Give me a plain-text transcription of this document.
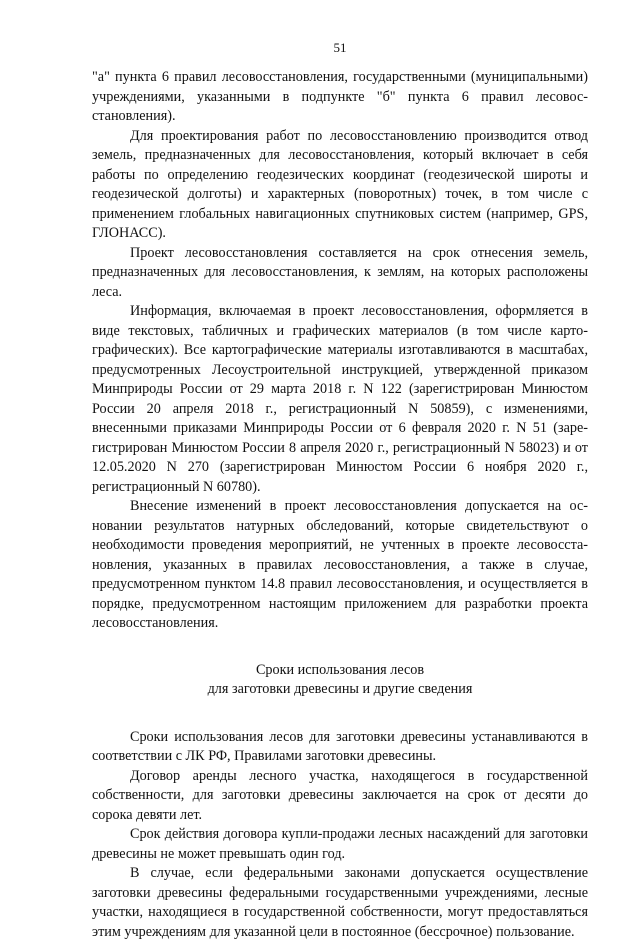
51

"а" пункта 6 правил лесовосстановления, государственными (муниципальными) учреждениями, указанными в подпункте "б" пункта 6 правил лесовосстановления).

Для проектирования работ по лесовосстановлению производится отвод земель, предназначенных для лесовосстановления, который включает в себя работы по определению геодезических координат (геодезической широты и геодезической долготы) и характерных (поворотных) точек, в том числе с применением глобальных навигационных спутниковых систем (например, GPS, ГЛОНАСС).

Проект лесовосстановления составляется на срок отнесения земель, предназначенных для лесовосстановления, к землям, на которых расположены леса.

Информация, включаемая в проект лесовосстановления, оформляется в виде текстовых, табличных и графических материалов (в том числе картографических). Все картографические материалы изготавливаются в масштабах, предусмотренных Лесоустроительной инструкцией, утвержденной приказом Минприроды России от 29 марта 2018 г. N 122 (зарегистрирован Минюстом России 20 апреля 2018 г., регистрационный N 50859), с изменениями, внесенными приказами Минприроды России от 6 февраля 2020 г. N 51 (зарегистрирован Минюстом России 8 апреля 2020 г., регистрационный N 58023) и от 12.05.2020 N 270 (зарегистрирован Минюстом России 6 ноября 2020 г., регистрационный N 60780).

Внесение изменений в проект лесовосстановления допускается на основании результатов натурных обследований, которые свидетельствуют о необходимости проведения мероприятий, не учтенных в проекте лесовосстановления, указанных в правилах лесовосстановления, а также в случае, предусмотренном пунктом 14.8 правил лесовосстановления, и осуществляется в порядке, предусмотренном настоящим приложением для разработки проекта лесовосстановления.

Сроки использования лесов
для заготовки древесины и другие сведения

Сроки использования лесов для заготовки древесины устанавливаются в соответствии с ЛК РФ, Правилами заготовки древесины.

Договор аренды лесного участка, находящегося в государственной собственности, для заготовки древесины заключается на срок от десяти до сорока девяти лет.

Срок действия договора купли-продажи лесных насаждений для заготовки древесины не может превышать один год.

В случае, если федеральными законами допускается осуществление заготовки древесины федеральными государственными учреждениями, лесные участки, находящиеся в государственной собственности, могут предоставляться этим учреждениям для указанной цели в постоянное (бессрочное) пользование.
